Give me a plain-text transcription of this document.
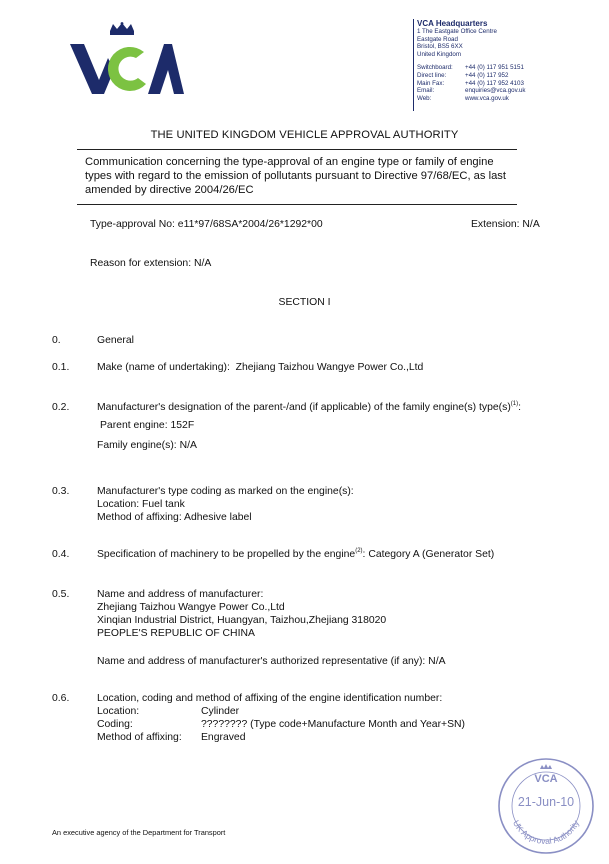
VCA	VCA Headquarters
1 The Eastgate Office Centre
Eastgate Road
Bristol, BS5 6XX
United Kingdom
Switchboard:	+44 (0) 117 951 5151
Direct line:	+44 (0) 117 952
Main Fax:	+44 (0) 117 952 4103
Email:	enquiries@vca.gov.uk
Web:	www.vca.gov.uk
THE UNITED KINGDOM VEHICLE APPROVAL AUTHORITY
Communication concerning the type-approval of an engine type or family of engine types with regard to the emission of pollutants pursuant to Directive 97/68/EC, as last amended by directive 2004/26/EC
Type-approval No: e11*97/68SA*2004/26*1292*00	Extension: N/A
Reason for extension: N/A
SECTION I
0.	General
0.1.	Make (name of undertaking): Zhejiang Taizhou Wangye Power Co.,Ltd
0.2.	Manufacturer's designation of the parent-/and (if applicable) of the family engine(s) $type(s)^{(1)}$:
Parent engine: 152F
Family engine(s): N/A
0.3.	Manufacturer's type coding as marked on the engine(s):
Location: Fuel tank
Method of affixing: Adhesive label
0.4.	Specification of machinery to be propelled by the engine$^{(2)}$: Category A (Generator Set)
0.5.	Name and address of manufacturer:
Zhejiang Taizhou Wangye Power Co.,Ltd
Xinqian Industrial District, Huangyan, Taizhou,Zhejiang 318020
PEOPLE'S REPUBLIC OF CHINA
Name and address of manufacturer's authorized representative (if any): N/A
0.6.	Location, coding and method of affixing of the engine identification number:
Location:	Cylinder
Coding:	???????? (Type code+Manufacture Month and Year+SN)
Method of affixing: Engraved
VCA
21-Jun-10
UK Approval Authority
An executive agency of the Department for Transport
